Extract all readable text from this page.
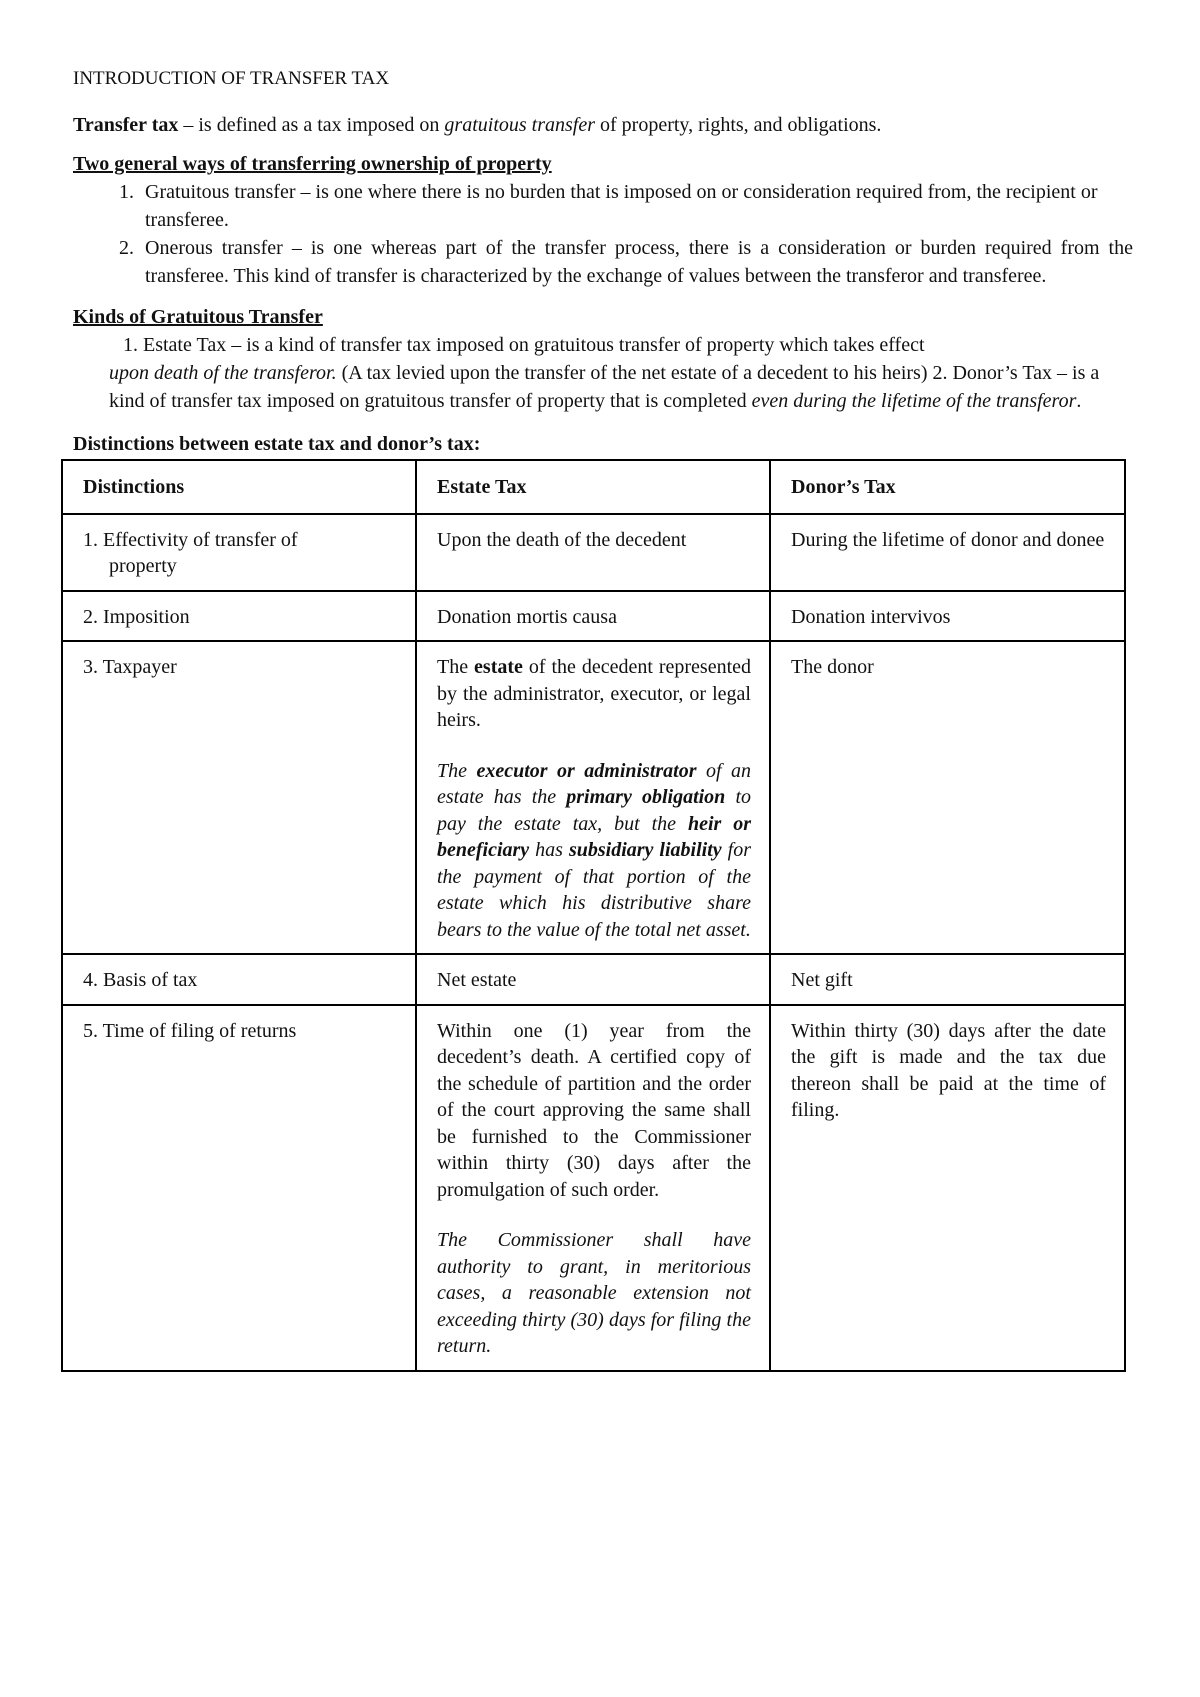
INTRODUCTION OF TRANSFER TAX

Transfer tax – is defined as a tax imposed on gratuitous transfer of property, rights, and obligations.

Two general ways of transferring ownership of property
1. Gratuitous transfer – is one where there is no burden that is imposed on or consideration required from, the recipient or transferee.
2. Onerous transfer – is one whereas part of the transfer process, there is a consideration or burden required from the transferee. This kind of transfer is characterized by the exchange of values between the transferor and transferee.
Kinds of Gratuitous Transfer
1. Estate Tax – is a kind of transfer tax imposed on gratuitous transfer of property which takes effect
upon death of the transferor. (A tax levied upon the transfer of the net estate of a decedent to his heirs) 2. Donor’s Tax – is a kind of transfer tax imposed on gratuitous transfer of property that is completed even during the lifetime of the transferor.
Distinctions between estate tax and donor’s tax:
Distinctions	Estate Tax	Donor’s Tax
1. Effectivity of transfer of
property	Upon the death of the decedent	During the lifetime of donor and donee
2. Imposition	Donation mortis causa	Donation intervivos
3. Taxpayer	The estate of the decedent represented by the administrator, executor, or legal heirs.
The executor or administrator of an estate has the primary obligation to pay the estate tax, but the heir or beneficiary has subsidiary liability for the payment of that portion of the estate which his distributive share bears to the value of the total net asset.	The donor
4. Basis of tax	Net estate	Net gift
5. Time of filing of returns	Within one (1) year from the decedent’s death. A certified copy of the schedule of partition and the order of the court approving the same shall be furnished to the Commissioner within thirty (30) days after the promulgation of such order.
The Commissioner shall have authority to grant, in meritorious cases, a reasonable extension not exceeding thirty (30) days for filing the return.	Within thirty (30) days after the date the gift is made and the tax due thereon shall be paid at the time of filing.
